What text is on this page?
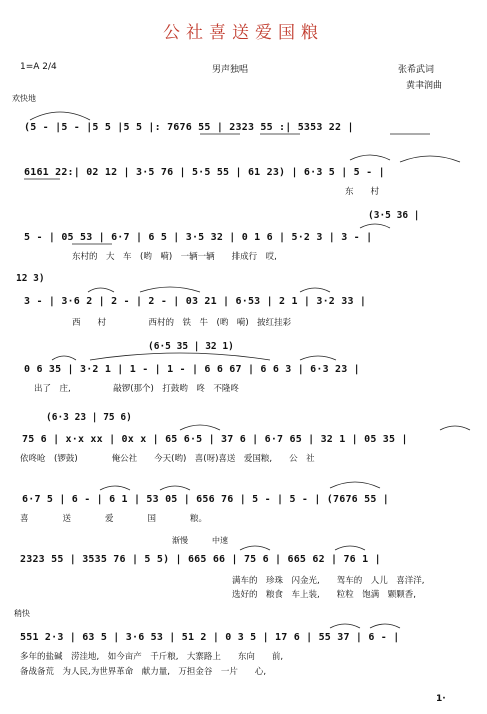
公社喜送爱国粮
1=A 2/4	男声独唱	张希武词
黄聿润曲
欢快地
(5 - |5 - |5 5 |5 5 |: 7676 55 | 2323 55 :| 5353 22 |
6161 22:| 02 12 | 3·5 76 | 5·5 55 | 61 23) | 6·3 5 | 5 - |
东　　村
(3·5 36 |
5 - | 05 53 | 6·7 | 6 5 | 3·5 32 | 0 1 6 | 5·2 3 | 3 - |
东村的　大　车　(哟　嗬)　一辆一辆　　排成行　哎,
12 3)
3 - | 3·6 2 | 2 - | 2 - | 03 21 | 6·53 | 2 1 | 3·2 33 |
西　　村　　　　　西村的　铁　牛　(哟　嗬)　披红挂彩
(6·5 35 | 32 1)
0 6 35 | 3·2 1 | 1 - | 1 - | 6 6 67 | 6 6 3 | 6·3 23 |
出了　庄,　　　　　敲锣(那个)　打鼓哟　咚　不隆咚
(6·3 23 | 75 6)
75 6 | x·x xx | 0x x | 65 6·5 | 37 6 | 6·7 65 | 32 1 | 05 35 |
依咚呛　(锣鼓)　　　　俺公社　　今天(哟)　喜(呀)喜送　爱国粮,　　公　社
6·7 5 | 6 - | 6 1 | 53 05 | 656 76 | 5 - | 5 - | (7676 55 |
喜　　　　送　　　　爱　　　　国　　　　粮。
渐慢　　　中速
2323 55 | 3535 76 | 5 5) | 665 66 | 75 6 | 665 62 | 76 1 |
满车的　珍珠　闪金光,　　驾车的　人儿　喜洋洋,
选好的　粮食　车上装,　　粒粒　饱满　颗颗香,
稍快
551 2·3 | 63 5 | 3·6 53 | 51 2 | 0 3 5 | 17 6 | 55 37 | 6 - |
多年的盐碱　涝洼地,　如今亩产　千斤粮,　大寨路上　　东向　　前,
备战备荒　为人民,为世界革命　献力量,　万担金谷　一片　　心,
1·
